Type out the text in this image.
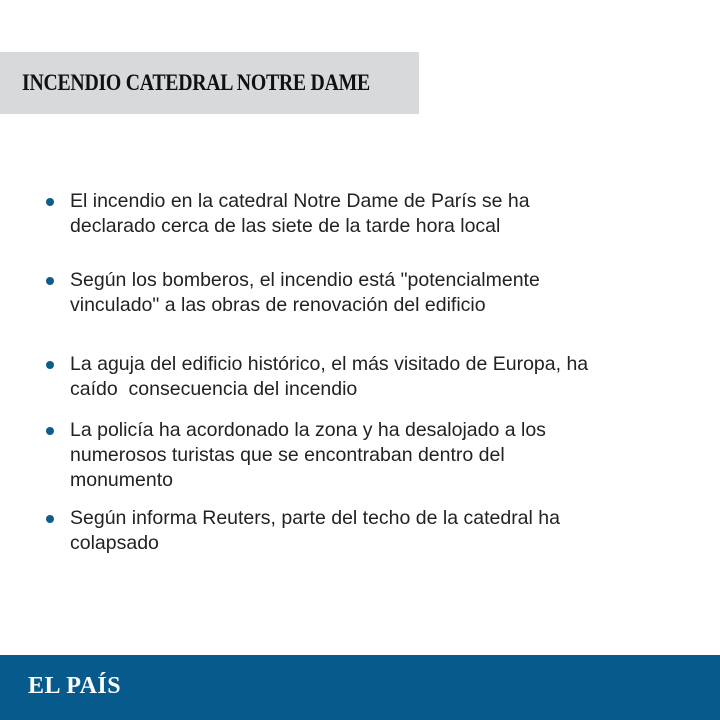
INCENDIO CATEDRAL NOTRE DAME
El incendio en la catedral Notre Dame de París se ha
declarado cerca de las siete de la tarde hora local
Según los bomberos, el incendio está "potencialmente
vinculado" a las obras de renovación del edificio
La aguja del edificio histórico, el más visitado de Europa, ha
caído  consecuencia del incendio
La policía ha acordonado la zona y ha desalojado a los
numerosos turistas que se encontraban dentro del
monumento
Según informa Reuters, parte del techo de la catedral ha
colapsado
EL PAÍS
